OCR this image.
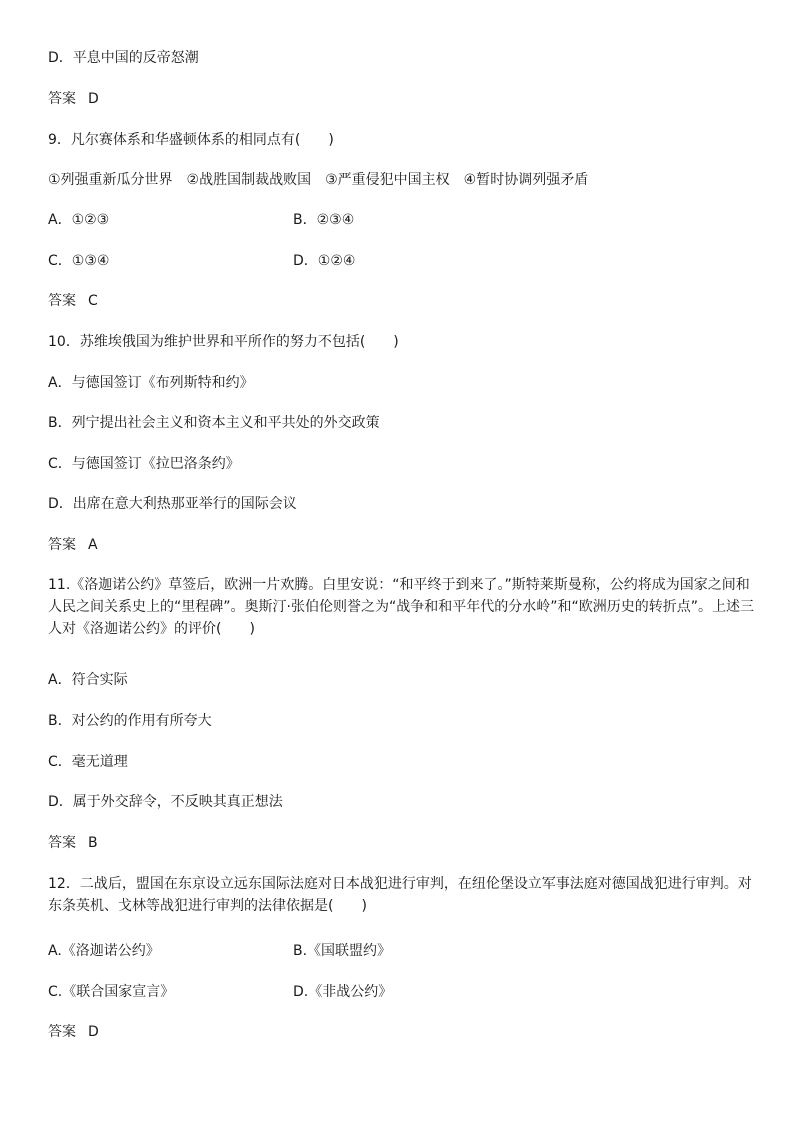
D．平息中国的反帝怒潮
答案 D
9．凡尔赛体系和华盛顿体系的相同点有(　　)
①列强重新瓜分世界　②战胜国制裁战败国　③严重侵犯中国主权　④暂时协调列强矛盾
A．①②③	B．②③④
C．①③④	D．①②④
答案 C
10．苏维埃俄国为维护世界和平所作的努力不包括(　　)
A．与德国签订《布列斯特和约》
B．列宁提出社会主义和资本主义和平共处的外交政策
C．与德国签订《拉巴洛条约》
D．出席在意大利热那亚举行的国际会议
答案 A
11.《洛迦诺公约》草签后，欧洲一片欢腾。白里安说：“和平终于到来了。”斯特莱斯曼称，公约将成为国家之间和人民之间关系史上的“里程碑”。奥斯汀·张伯伦则誉之为“战争和和平年代的分水岭”和“欧洲历史的转折点”。上述三人对《洛迦诺公约》的评价(　　)
A．符合实际
B．对公约的作用有所夸大
C．毫无道理
D．属于外交辞令，不反映其真正想法
答案 B
12．二战后，盟国在东京设立远东国际法庭对日本战犯进行审判，在纽伦堡设立军事法庭对德国战犯进行审判。对东条英机、戈林等战犯进行审判的法律依据是(　　)
A.《洛迦诺公约》	B.《国联盟约》
C.《联合国家宣言》	D.《非战公约》
答案 D
